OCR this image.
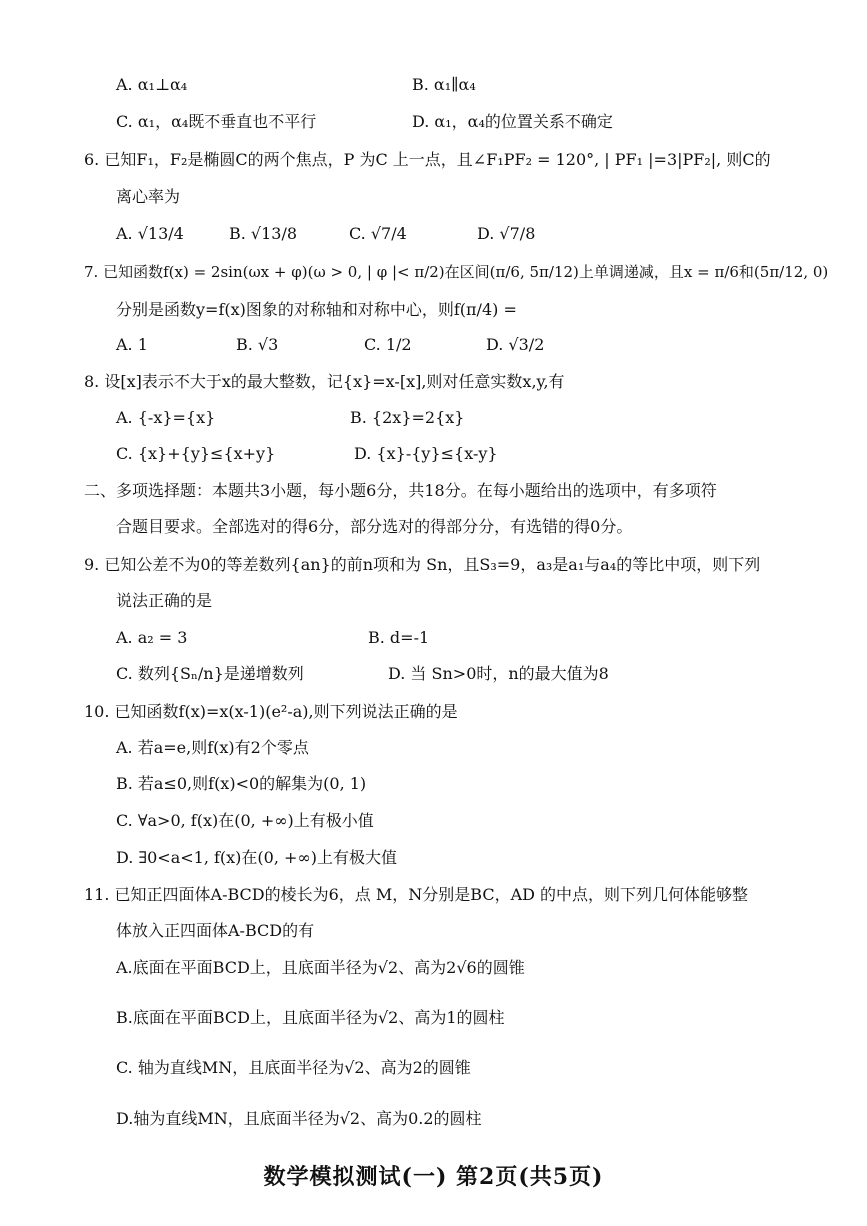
A. α₁⊥α₄	B. α₁∥α₄
C. α₁，α₄既不垂直也不平行	D. α₁，α₄的位置关系不确定
6. 已知F₁，F₂是椭圆C的两个焦点，P 为C 上一点，且∠F₁PF₂ = 120°, | PF₁ |=3|PF₂|, 则C的
离心率为
A. √13/4	B. √13/8	C. √7/4	D. √7/8
7. 已知函数f(x) = 2sin(ωx + φ)(ω > 0, | φ |< π/2)在区间(π/6, 5π/12)上单调递减，且x = π/6和(5π/12, 0)
分别是函数y=f(x)图象的对称轴和对称中心，则f(π/4) =
A. 1	B. √3	C. 1/2	D. √3/2
8. 设[x]表示不大于x的最大整数，记{x}=x-[x],则对任意实数x,y,有
A. {-x}={x}	B. {2x}=2{x}
C. {x}+{y}≤{x+y}	D. {x}-{y}≤{x-y}
二、多项选择题：本题共3小题，每小题6分，共18分。在每小题给出的选项中，有多项符
合题目要求。全部选对的得6分，部分选对的得部分分，有选错的得0分。
9. 已知公差不为0的等差数列{an}的前n项和为 Sn，且S₃=9，a₃是a₁与a₄的等比中项，则下列
说法正确的是
A. a₂ = 3	B. d=-1
C. 数列{Sₙ/n}是递增数列	D. 当 Sn>0时，n的最大值为8
10. 已知函数f(x)=x(x-1)(e²-a),则下列说法正确的是
A. 若a=e,则f(x)有2个零点
B. 若a≤0,则f(x)<0的解集为(0, 1)
C. ∀a>0, f(x)在(0, +∞)上有极小值
D. ∃0<a<1, f(x)在(0, +∞)上有极大值
11. 已知正四面体A-BCD的棱长为6，点 M，N分别是BC，AD 的中点，则下列几何体能够整
体放入正四面体A-BCD的有
A.底面在平面BCD上，且底面半径为√2、高为2√6的圆锥
B.底面在平面BCD上，且底面半径为√2、高为1的圆柱
C. 轴为直线MN，且底面半径为√2、高为2的圆锥
D.轴为直线MN，且底面半径为√2、高为0.2的圆柱
数学模拟测试(一) 第2页(共5页)
